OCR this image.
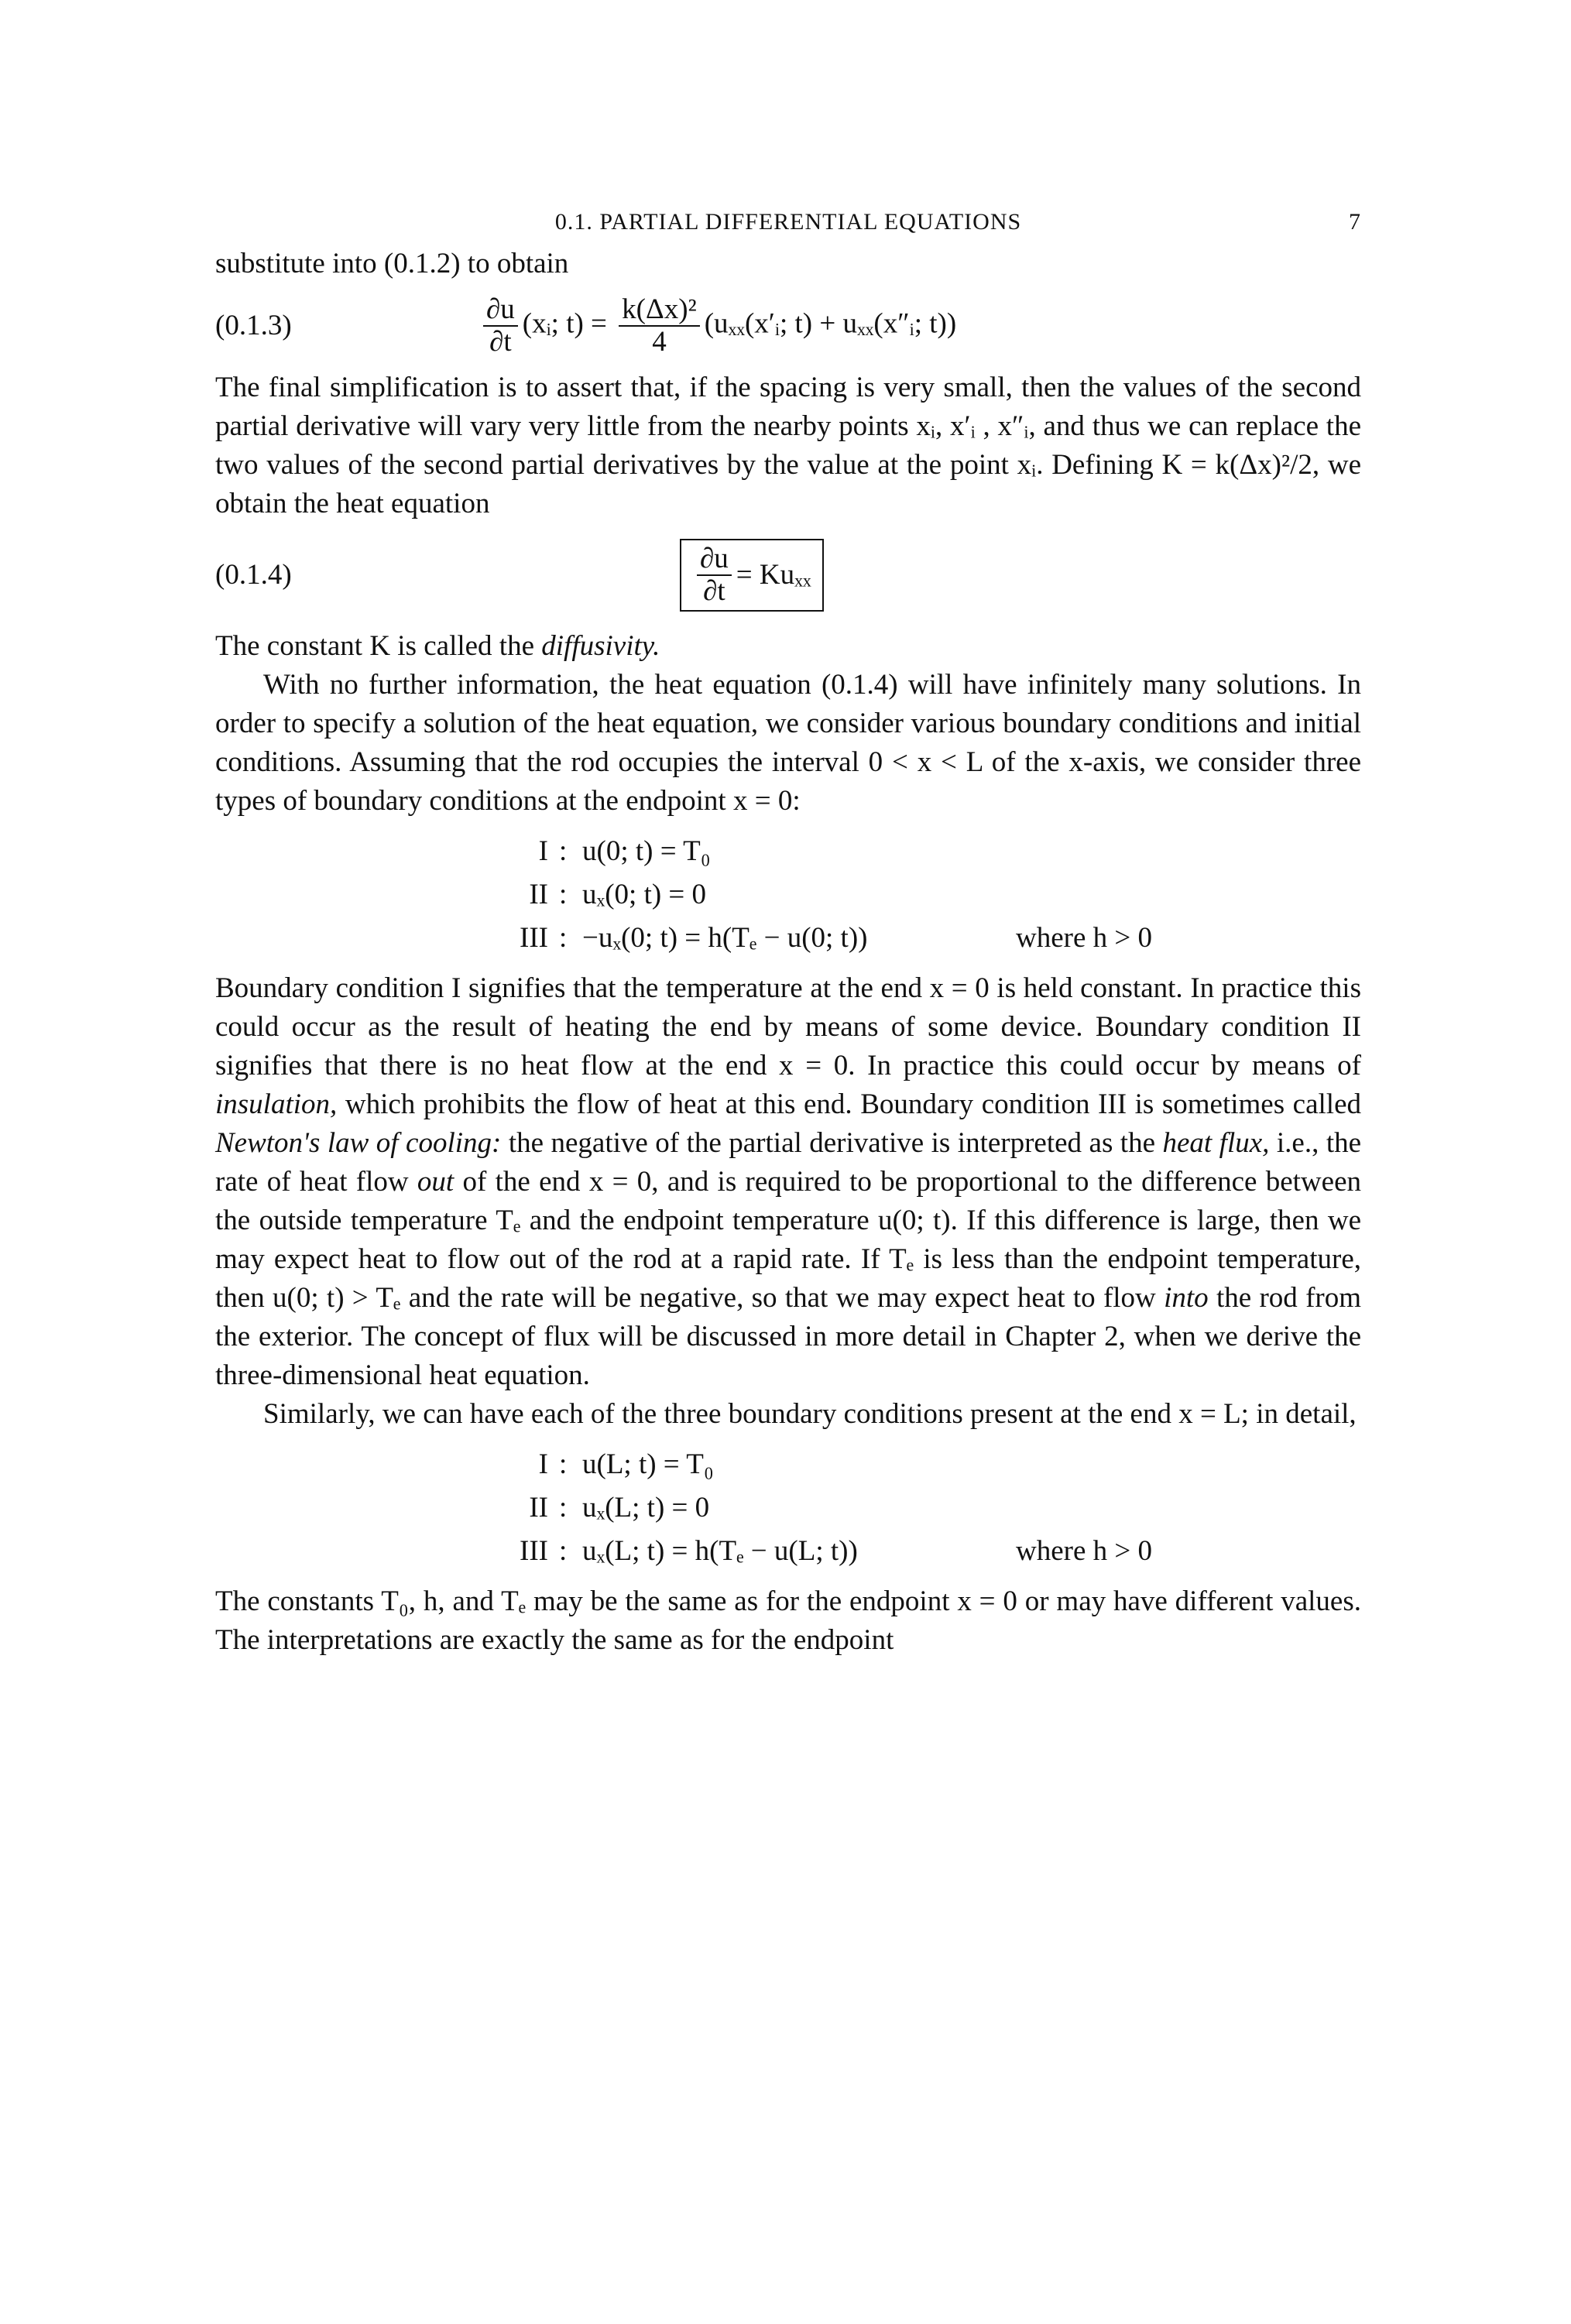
0.1. PARTIAL DIFFERENTIAL EQUATIONS	7

substitute into (0.1.2) to obtain

(0.1.3)	$\frac{\partial u}{\partial t}$ (xᵢ; $t) = \frac{\text{k(Δx)²}}{4}$ (uₓₓ(x′ᵢ; t) + uₓₓ(x″ᵢ; t))

The final simplification is to assert that, if the spacing is very small, then the values of the second partial derivative will vary very little from the nearby points xᵢ, x′ᵢ , x″ᵢ, and thus we can replace the two values of the second partial derivatives by the value at the point xᵢ. Defining K = k(Δx)²/2, we obtain the heat equation

(0.1.4)	$\frac{\partial u}{\partial t} = Ku_{xx}$

The constant K is called the diffusivity.

With no further information, the heat equation (0.1.4) will have infinitely many solutions. In order to specify a solution of the heat equation, we consider various boundary conditions and initial conditions. Assuming that the rod occupies the interval 0 < x < L of the x-axis, we consider three types of boundary conditions at the endpoint x = 0:

I : u(0; t) = T₀
II : uₓ(0; t) = 0
III : −uₓ(0; t) = h(Tₑ − u(0; t))	where h > 0

Boundary condition I signifies that the temperature at the end x = 0 is held constant. In practice this could occur as the result of heating the end by means of some device. Boundary condition II signifies that there is no heat flow at the end x = 0. In practice this could occur by means of insulation, which prohibits the flow of heat at this end. Boundary condition III is sometimes called Newton's law of cooling: the negative of the partial derivative is interpreted as the heat flux, i.e., the rate of heat flow out of the end x = 0, and is required to be proportional to the difference between the outside temperature Tₑ and the endpoint temperature u(0; t). If this difference is large, then we may expect heat to flow out of the rod at a rapid rate. If Tₑ is less than the endpoint temperature, then u(0; t) > Tₑ and the rate will be negative, so that we may expect heat to flow into the rod from the exterior. The concept of flux will be discussed in more detail in Chapter 2, when we derive the three-dimensional heat equation.

Similarly, we can have each of the three boundary conditions present at the end x = L; in detail,

I : u(L; t) = T₀
II : uₓ(L; t) = 0
III : uₓ(L; t) = h(Tₑ − u(L; t))	where h > 0

The constants T₀, h, and Tₑ may be the same as for the endpoint x = 0 or may have different values. The interpretations are exactly the same as for the endpoint
